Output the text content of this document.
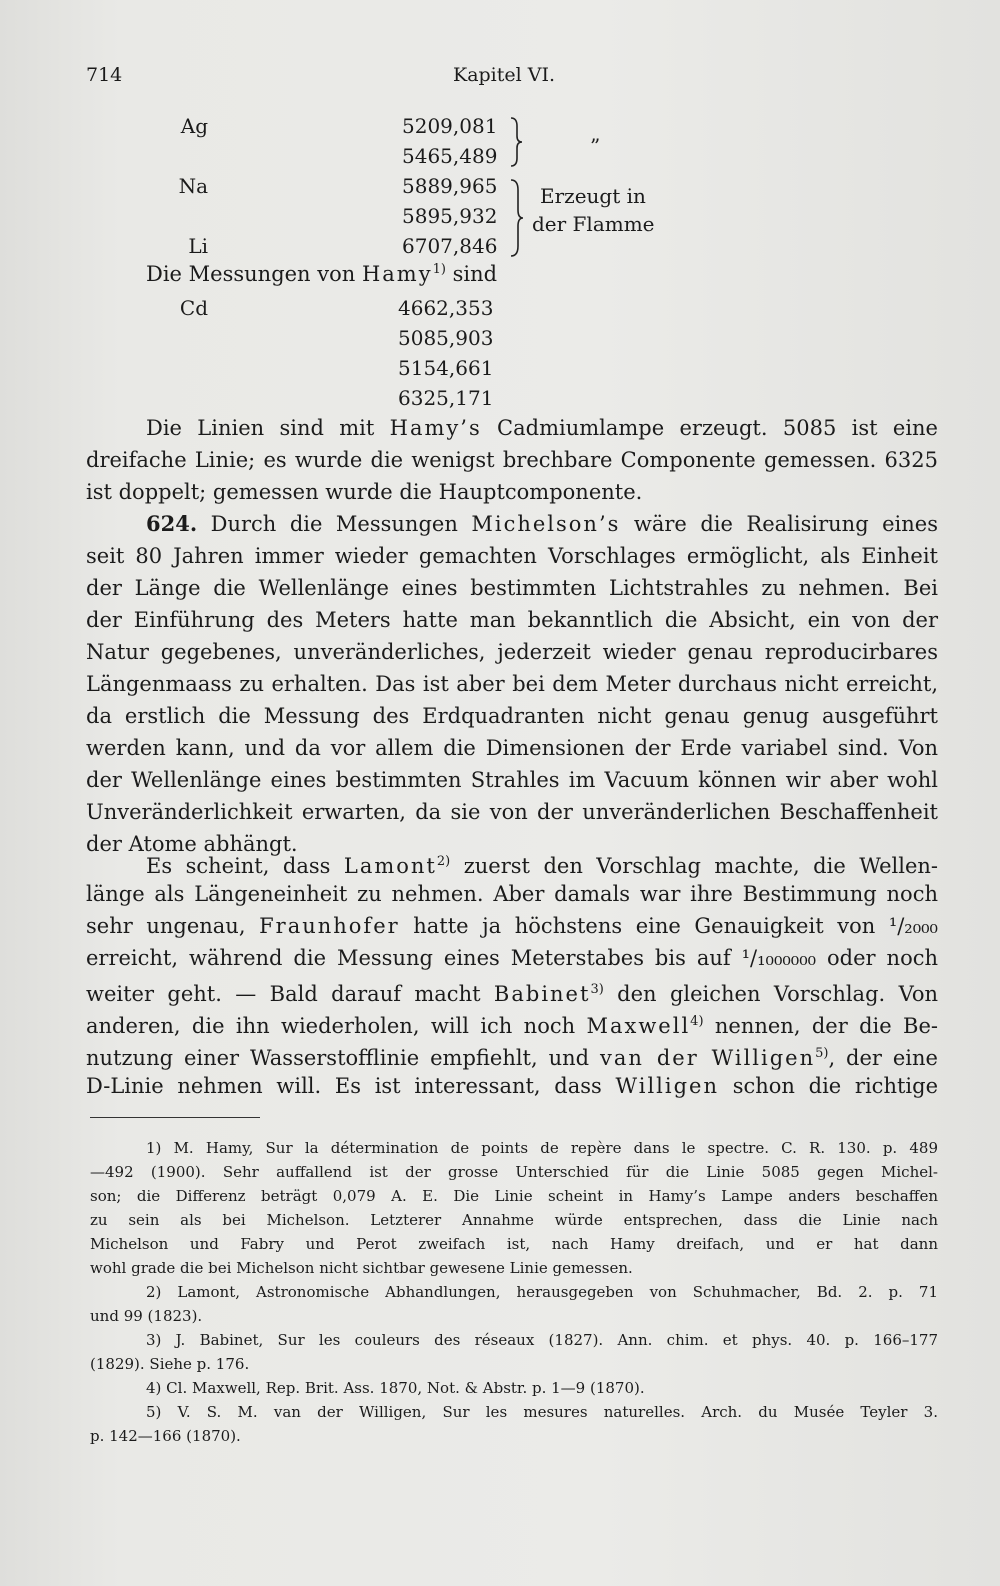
714	Kapitel VI.
Ag	5209,081
5465,489
Na	5889,965
5895,932
Li	6707,846
”
Erzeugt in
der Flamme
Die Messungen von Hamy$^{1)}$ sind
Cd	4662,353
5085,903
5154,661
6325,171
Die Linien sind mit Hamy’s Cadmiumlampe erzeugt. 5085 ist eine
dreifache Linie; es wurde die wenigst brechbare Componente gemessen. 6325
ist doppelt; gemessen wurde die Hauptcomponente.
624. Durch die Messungen Michelson’s wäre die Realisirung eines
seit 80 Jahren immer wieder gemachten Vorschlages ermöglicht, als Einheit
der Länge die Wellenlänge eines bestimmten Lichtstrahles zu nehmen. Bei
der Einführung des Meters hatte man bekanntlich die Absicht, ein von der
Natur gegebenes, unveränderliches, jederzeit wieder genau reproducirbares
Längenmaass zu erhalten. Das ist aber bei dem Meter durchaus nicht erreicht,
da erstlich die Messung des Erdquadranten nicht genau genug ausgeführt
werden kann, und da vor allem die Dimensionen der Erde variabel sind. Von
der Wellenlänge eines bestimmten Strahles im Vacuum können wir aber wohl
Unveränderlichkeit erwarten, da sie von der unveränderlichen Beschaffenheit
der Atome abhängt.
Es scheint, dass Lamont$^{2)}$ zuerst den Vorschlag machte, die Wellen-
länge als Längeneinheit zu nehmen. Aber damals war ihre Bestimmung noch
sehr ungenau, Fraunhofer hatte ja höchstens eine Genauigkeit von ¹/₂₀₀₀
erreicht, während die Messung eines Meterstabes bis auf ¹/₁₀₀₀₀₀₀ oder noch
weiter geht. — Bald darauf macht Babinet$^{3)}$ den gleichen Vorschlag. Von
anderen, die ihn wiederholen, will ich noch Maxwell$^{4)}$ nennen, der die Be-
nutzung einer Wasserstofflinie empfiehlt, und van der Willigen$^{5)}$, der eine
D-Linie nehmen will. Es ist interessant, dass Willigen schon die richtige
1) M. Hamy, Sur la détermination de points de repère dans le spectre. C. R. 130. p. 489
—492 (1900). Sehr auffallend ist der grosse Unterschied für die Linie 5085 gegen Michel-
son; die Differenz beträgt 0,079 A. E. Die Linie scheint in Hamy’s Lampe anders beschaffen
zu sein als bei Michelson. Letzterer Annahme würde entsprechen, dass die Linie nach
Michelson und Fabry und Perot zweifach ist, nach Hamy dreifach, und er hat dann
wohl grade die bei Michelson nicht sichtbar gewesene Linie gemessen.
2) Lamont, Astronomische Abhandlungen, herausgegeben von Schuhmacher, Bd. 2. p. 71
und 99 (1823).
3) J. Babinet, Sur les couleurs des réseaux (1827). Ann. chim. et phys. 40. p. 166–177
(1829). Siehe p. 176.
4) Cl. Maxwell, Rep. Brit. Ass. 1870, Not. & Abstr. p. 1—9 (1870).
5) V. S. M. van der Willigen, Sur les mesures naturelles. Arch. du Musée Teyler 3.
p. 142—166 (1870).
